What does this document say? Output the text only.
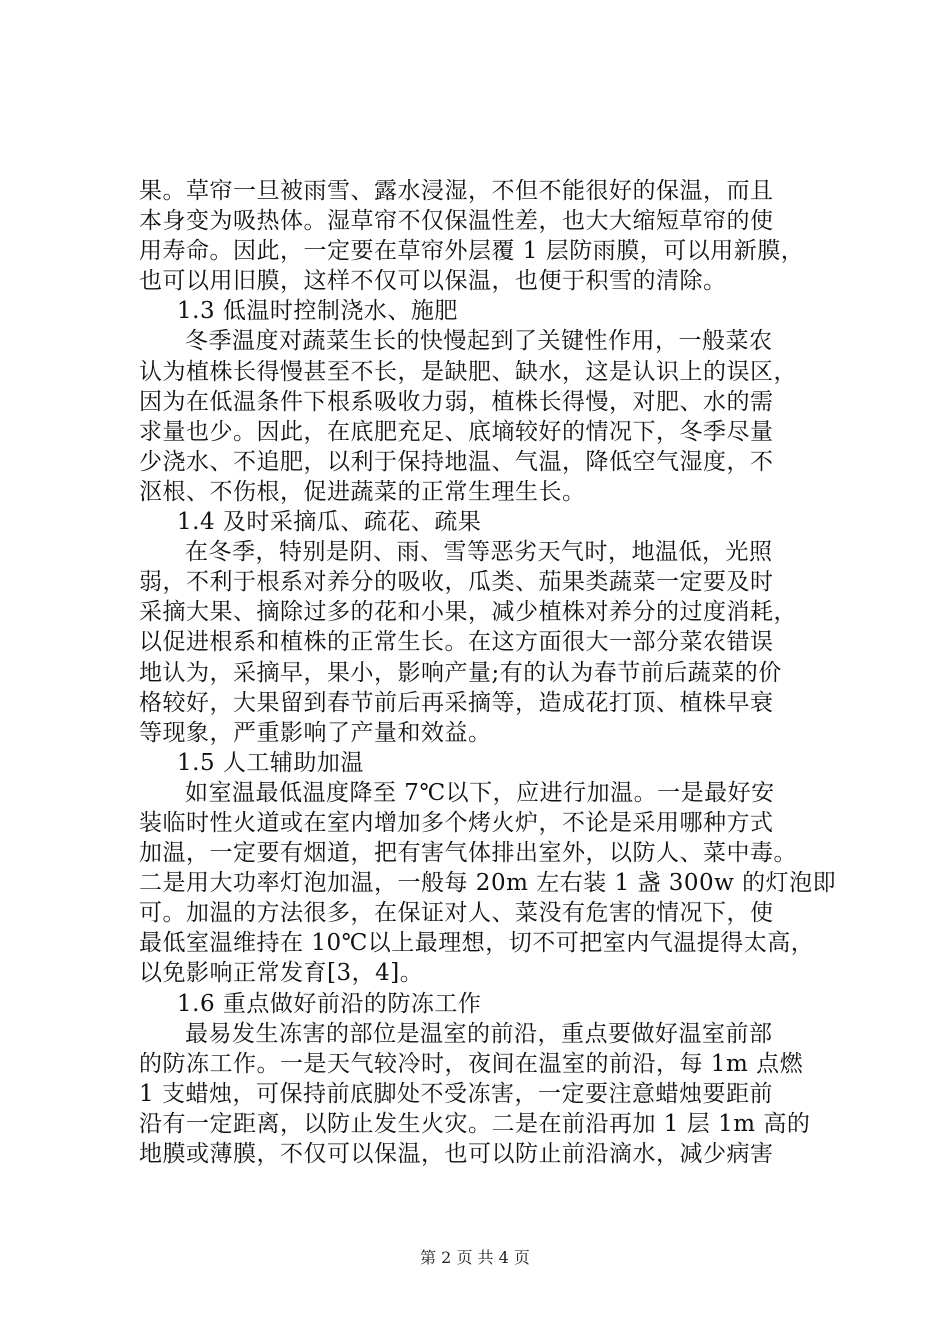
果。草帘一旦被雨雪、露水浸湿，不但不能很好的保温，而且
本身变为吸热体。湿草帘不仅保温性差，也大大缩短草帘的使
用寿命。因此，一定要在草帘外层覆 1 层防雨膜，可以用新膜，
也可以用旧膜，这样不仅可以保温，也便于积雪的清除。
1.3 低温时控制浇水、施肥
冬季温度对蔬菜生长的快慢起到了关键性作用，一般菜农
认为植株长得慢甚至不长，是缺肥、缺水，这是认识上的误区，
因为在低温条件下根系吸收力弱，植株长得慢，对肥、水的需
求量也少。因此，在底肥充足、底墒较好的情况下，冬季尽量
少浇水、不追肥，以利于保持地温、气温，降低空气湿度，不
沤根、不伤根，促进蔬菜的正常生理生长。
1.4 及时采摘瓜、疏花、疏果
在冬季，特别是阴、雨、雪等恶劣天气时，地温低，光照
弱，不利于根系对养分的吸收，瓜类、茄果类蔬菜一定要及时
采摘大果、摘除过多的花和小果，减少植株对养分的过度消耗，
以促进根系和植株的正常生长。在这方面很大一部分菜农错误
地认为，采摘早，果小，影响产量;有的认为春节前后蔬菜的价
格较好，大果留到春节前后再采摘等，造成花打顶、植株早衰
等现象，严重影响了产量和效益。
1.5 人工辅助加温
如室温最低温度降至 7℃以下，应进行加温。一是最好安
装临时性火道或在室内增加多个烤火炉，不论是采用哪种方式
加温，一定要有烟道，把有害气体排出室外，以防人、菜中毒。
二是用大功率灯泡加温，一般每 20m 左右装 1 盏 300w 的灯泡即
可。加温的方法很多，在保证对人、菜没有危害的情况下，使
最低室温维持在 10℃以上最理想，切不可把室内气温提得太高，
以免影响正常发育[3，4]。
1.6 重点做好前沿的防冻工作
最易发生冻害的部位是温室的前沿，重点要做好温室前部
的防冻工作。一是天气较冷时，夜间在温室的前沿，每 1m 点燃
1 支蜡烛，可保持前底脚处不受冻害，一定要注意蜡烛要距前
沿有一定距离，以防止发生火灾。二是在前沿再加 1 层 1m 高的
地膜或薄膜，不仅可以保温，也可以防止前沿滴水，减少病害
第 2 页 共 4 页
